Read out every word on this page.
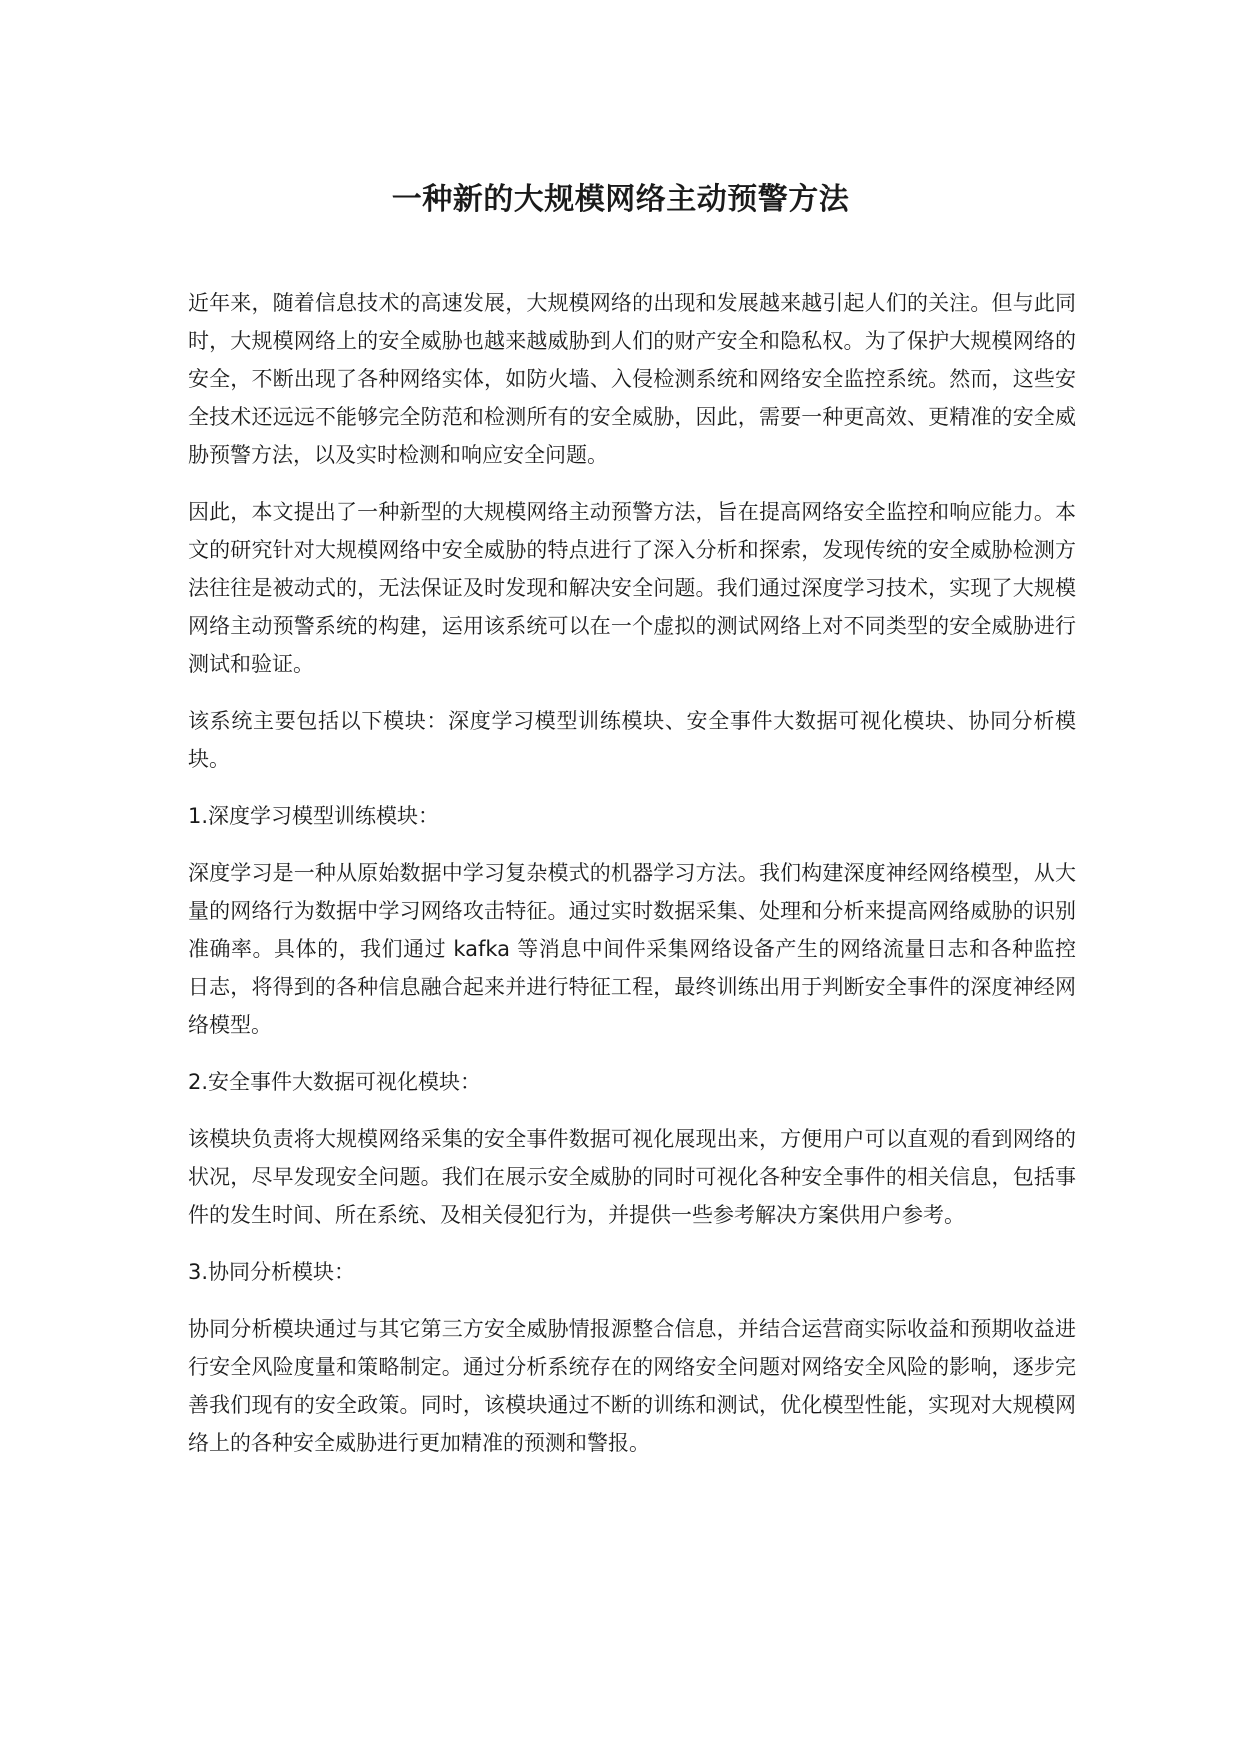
一种新的大规模网络主动预警方法

近年来，随着信息技术的高速发展，大规模网络的出现和发展越来越引起人们的关注。但与此同时，大规模网络上的安全威胁也越来越威胁到人们的财产安全和隐私权。为了保护大规模网络的安全，不断出现了各种网络实体，如防火墙、入侵检测系统和网络安全监控系统。然而，这些安全技术还远远不能够完全防范和检测所有的安全威胁，因此，需要一种更高效、更精准的安全威胁预警方法，以及实时检测和响应安全问题。

因此，本文提出了一种新型的大规模网络主动预警方法，旨在提高网络安全监控和响应能力。本文的研究针对大规模网络中安全威胁的特点进行了深入分析和探索，发现传统的安全威胁检测方法往往是被动式的，无法保证及时发现和解决安全问题。我们通过深度学习技术，实现了大规模网络主动预警系统的构建，运用该系统可以在一个虚拟的测试网络上对不同类型的安全威胁进行测试和验证。

该系统主要包括以下模块：深度学习模型训练模块、安全事件大数据可视化模块、协同分析模块。

1.深度学习模型训练模块：

深度学习是一种从原始数据中学习复杂模式的机器学习方法。我们构建深度神经网络模型，从大量的网络行为数据中学习网络攻击特征。通过实时数据采集、处理和分析来提高网络威胁的识别准确率。具体的，我们通过 kafka 等消息中间件采集网络设备产生的网络流量日志和各种监控日志，将得到的各种信息融合起来并进行特征工程，最终训练出用于判断安全事件的深度神经网络模型。

2.安全事件大数据可视化模块：

该模块负责将大规模网络采集的安全事件数据可视化展现出来，方便用户可以直观的看到网络的状况，尽早发现安全问题。我们在展示安全威胁的同时可视化各种安全事件的相关信息，包括事件的发生时间、所在系统、及相关侵犯行为，并提供一些参考解决方案供用户参考。

3.协同分析模块：

协同分析模块通过与其它第三方安全威胁情报源整合信息，并结合运营商实际收益和预期收益进行安全风险度量和策略制定。通过分析系统存在的网络安全问题对网络安全风险的影响，逐步完善我们现有的安全政策。同时，该模块通过不断的训练和测试，优化模型性能，实现对大规模网络上的各种安全威胁进行更加精准的预测和警报。
